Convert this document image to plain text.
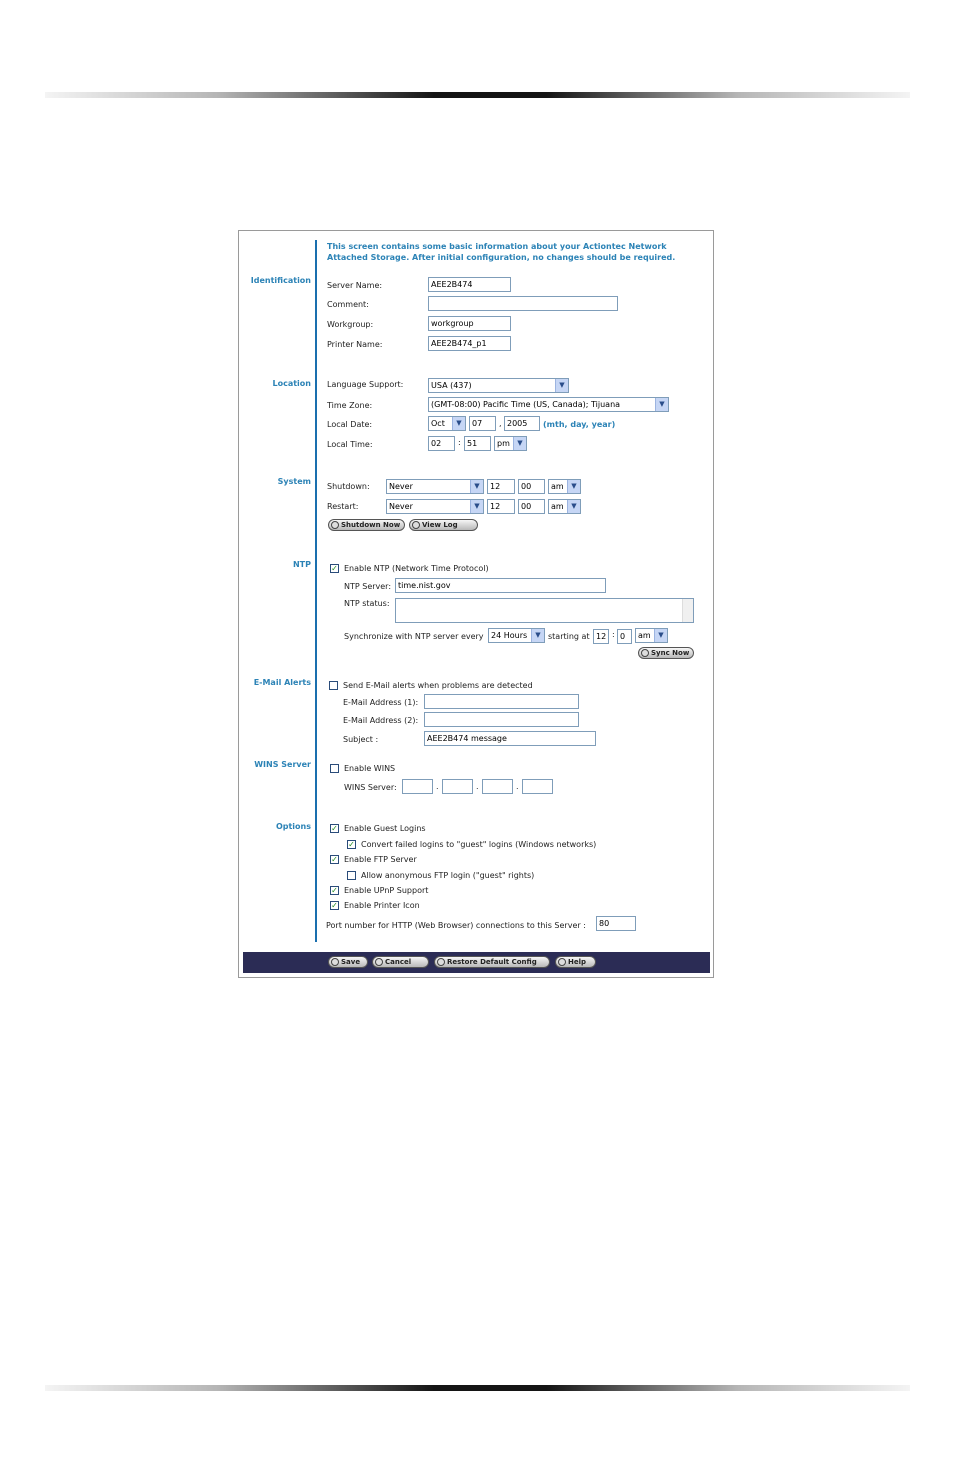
This screen contains some basic information about your Actiontec Network Attached Storage. After initial configuration, no changes should be required.
Identification
Server Name:	AEE2B474
Comment:
Workgroup:	workgroup
Printer Name:	AEE2B474_p1
Location Language Support:	USA (437)	▼
Time Zone:	(GMT-08:00) Pacific Time (US, Canada); Tijuana	▼
Local Date:	Oct	▼	07	, 2005	(mth, day, year)
Local Time:	02	: 51	pm	▼
System
Shutdown:	Never	▼	12	00	am	▼
Restart:	Never	▼	12	00	am	▼
Shutdown Now	View Log
NTP	✓ Enable NTP (Network Time Protocol)
NTP Server: time.nist.gov
NTP status:
Synchronize with NTP server every 24 Hours	▼ starting at 12 : 0	am	▼
Sync Now
E-Mail Alerts	Send E-Mail alerts when problems are detected
E-Mail Address (1):
E-Mail Address (2):
Subject :	AEE2B474 message
WINS Server	Enable WINS
WINS Server:	.	.	.
Options	✓ Enable Guest Logins
✓ Convert failed logins to "guest" logins (Windows networks)
✓ Enable FTP Server
Allow anonymous FTP login ("guest" rights)
✓ Enable UPnP Support
✓ Enable Printer Icon
Port number for HTTP (Web Browser) connections to this Server :	80
Save	Cancel	Restore Default Config	Help
